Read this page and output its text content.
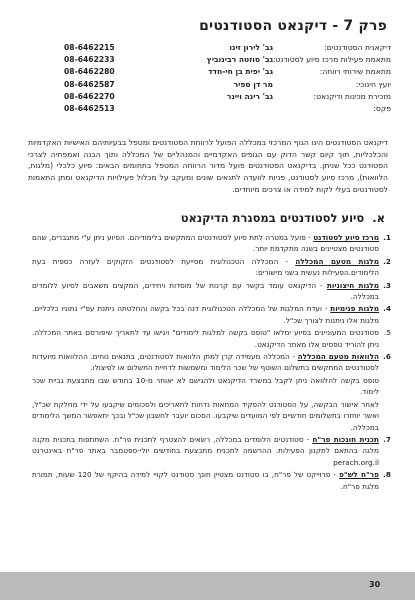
פרק 7 - דיקנאט הסטודנטים
דיקאנית הסטודנטים:
גב' לירון זינו
08-6462215
מתאמת פעילות מרכז סיוע לסטודנט:
גב' סוזטה רבינוביץ
08-6462233
מתאמת שירותי רווחה:
גב' יפית בן חי-חדד
08-6462280
יועץ חינוכי:
מר דן ספיר
08-6462587
מזכירת מכינות ודיקנאט:
גב' רינה ויינר
08-6462270
פקס:
08-6462513

דיקנאט הסטודנטים הינו הגוף המרכזי במכללה הפועל לרווחת הסטודנטים ומטפל בבעיותיהם האישיות האקדמיות והכלכליות, תוך קיום קשר הדוק עם הגופים האקדמיים והמנהליים של המכללה ותוך הבנה ואמפתיה לצרכי הסטודנט ככל שניתן. בדיקנאט הסטודנטים פועל מדור הרווחה המטפל בתחומים הבאים: סיוע כלכלי (מלגות, הלוואות), מרכז סיוע לסטודנט, פניות לוועדה לתנאים שונים ומעקב על מכלול פעילויות הדיקנאט ומתן התאמות לסטודנטים בעלי לקות למידה או צרכים מיוחדים.

א.סיוע לסטודנטים במסגרת הדיקנאט
1.
מרכז סיוע לסטודנט - פועל במטרה לתת סיוע לסטודנטים המתקשים בלימודיהם. הסיוע ניתן ע"י מתגברים, שהם סטודנטים מצטיינים בשנה מתקדמת יותר.
2.
מלגות מטעם המכללה - המכללה הטכנולוגית מסייעת לסטודנטים הזקוקים לעזרה כספית בעת הלימודים.הפעילות נעשית בשני מישורים:
3.
מלגות חיצוניות - הדיקנאט עומד בקשר עם קרנות של מוסדות ויחידים, המקצים משאבים לסיוע ללומדים במכללה.
4.
מלגות פנימיות - ועדת המלגות של המכללה הטכנולוגית דנה בכל בקשה והחלטתה ניתנת עפ"י נתוניו כלכליים. מלגות אלו ניתנות לצורך שכ"ל.
5.
סטודנטים המעוניינים בסיוע ימלאו "טופס בקשה למלגות לימודים" ויגישו עד לתאריך שיפורסם באתר המכללה. ניתן להוריד טפסים אלו מאתר הדיקנאט.
6.
הלוואות מטעם המכללה - המכללה מעמידה קרן למתן הלוואות לסטודנטים, בתנאים נוחים. ההלוואות מיועדות לסטודנטים המתקשים בתשלום השוטף של שכר הלימוד ומשמשות לדחיית התשלום או לפיצולו.
טופס בקשה להלוואה ניתן לקבל במשרד הדיקנאט ולהגישם לא יאוחר מ-10 בחודש שבו מתבצעת גביית שכר לימוד.
לאחר אישור הבקשה, על הסטודנט להפקיד המחאות נדחות לתאריכים ולסכומים שיקבעו על ידי מחלקת שכ"ל, ואשר יוחזרו בתשלומים חודשיים לפי המועדים שיקבעו. הסכום יועבר לחשבון שכ"ל ובכך יתאפשר המשך הלימודים במכללה.
7.
תכנית חונכות פר"ח - סטודנטים הלומדים במכללה, רשאים להצטרף לתכנית פר"ח. השתתפות בתכנית מקנה מלגה בהתאם לתקנון הפעילות. ההרשמה לתכנית מתבצעת בחודשים יולי-ספטמבר באתר פר"ח באינטרנט perach.org.il
8.
פר"ח לש"פ - פרוייקט של פר"ח, בו סטודנט מצטיין חונך סטודנט לקויי למידה בהיקף של 120 שעות, תמורת מלגת פר"ח.
30
